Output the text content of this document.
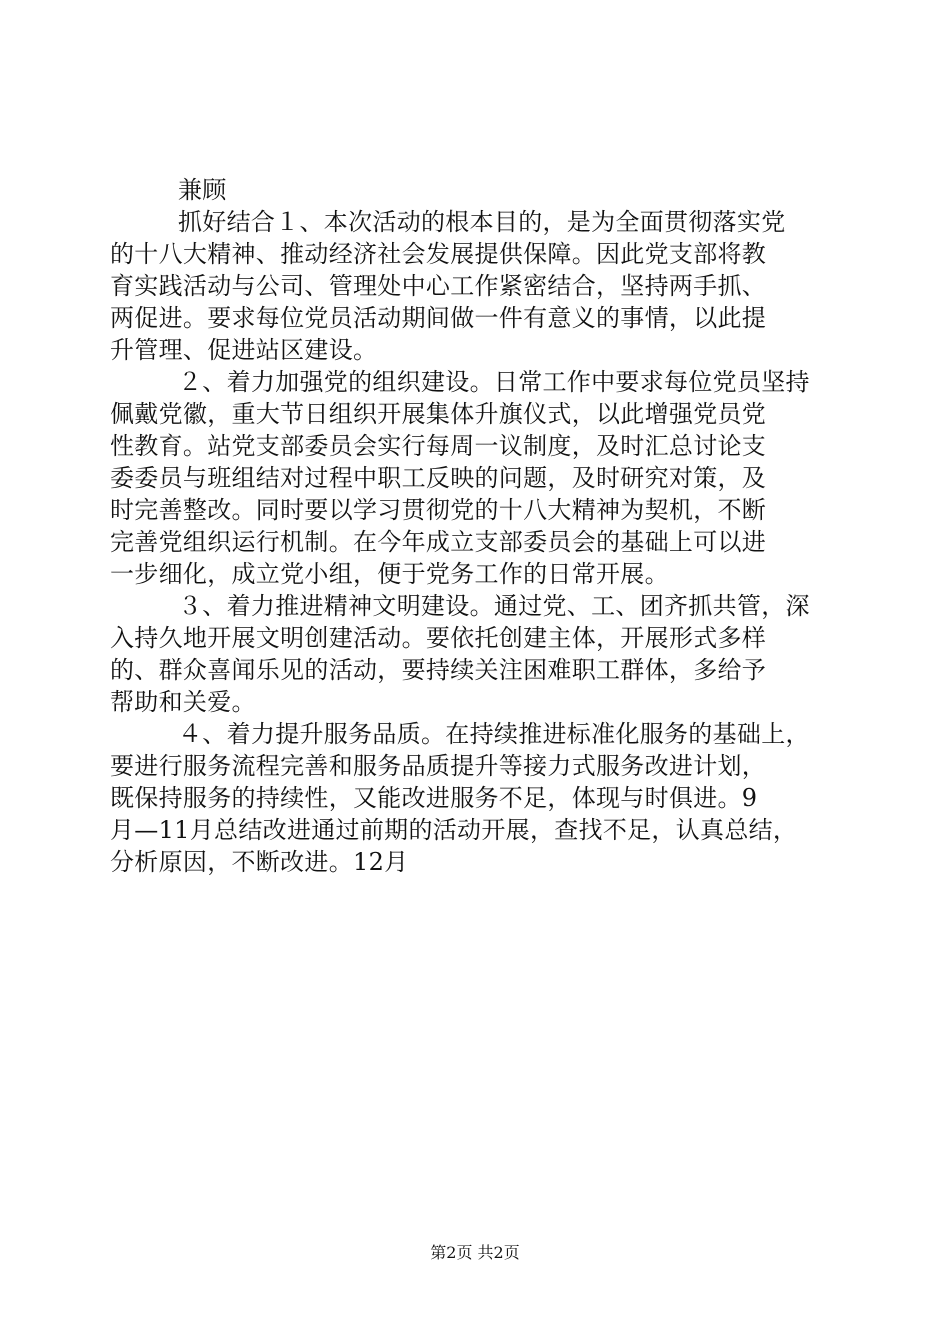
兼顾
抓好结合１、本次活动的根本目的，是为全面贯彻落实党
的十八大精神、推动经济社会发展提供保障。因此党支部将教
育实践活动与公司、管理处中心工作紧密结合，坚持两手抓、
两促进。要求每位党员活动期间做一件有意义的事情，以此提
升管理、促进站区建设。
２、着力加强党的组织建设。日常工作中要求每位党员坚持
佩戴党徽，重大节日组织开展集体升旗仪式，以此增强党员党
性教育。站党支部委员会实行每周一议制度，及时汇总讨论支
委委员与班组结对过程中职工反映的问题，及时研究对策，及
时完善整改。同时要以学习贯彻党的十八大精神为契机，不断
完善党组织运行机制。在今年成立支部委员会的基础上可以进
一步细化，成立党小组，便于党务工作的日常开展。
３、着力推进精神文明建设。通过党、工、团齐抓共管，深
入持久地开展文明创建活动。要依托创建主体，开展形式多样
的、群众喜闻乐见的活动，要持续关注困难职工群体，多给予
帮助和关爱。
４、着力提升服务品质。在持续推进标准化服务的基础上，
要进行服务流程完善和服务品质提升等接力式服务改进计划，
既保持服务的持续性，又能改进服务不足，体现与时俱进。9
月—11月总结改进通过前期的活动开展，查找不足，认真总结，
分析原因，不断改进。12月
第2页 共2页
